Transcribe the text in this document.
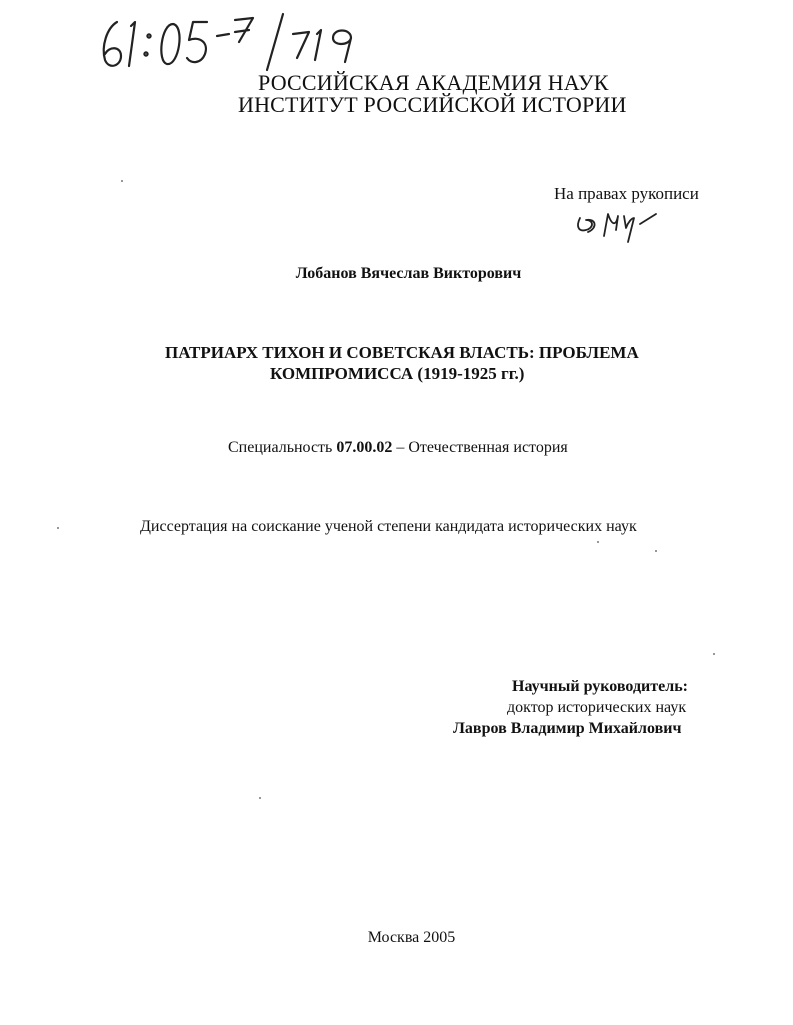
РОССИЙСКАЯ АКАДЕМИЯ НАУК
ИНСТИТУТ РОССИЙСКОЙ ИСТОРИИ
На правах рукописи
Лобанов Вячеслав Викторович
ПАТРИАРХ ТИХОН И СОВЕТСКАЯ ВЛАСТЬ: ПРОБЛЕМА
КОМПРОМИССА (1919-1925 гг.)
Специальность 07.00.02 – Отечественная история
Диссертация на соискание ученой степени кандидата исторических наук
Научный руководитель:
доктор исторических наук
Лавров Владимир Михайлович
Москва 2005
